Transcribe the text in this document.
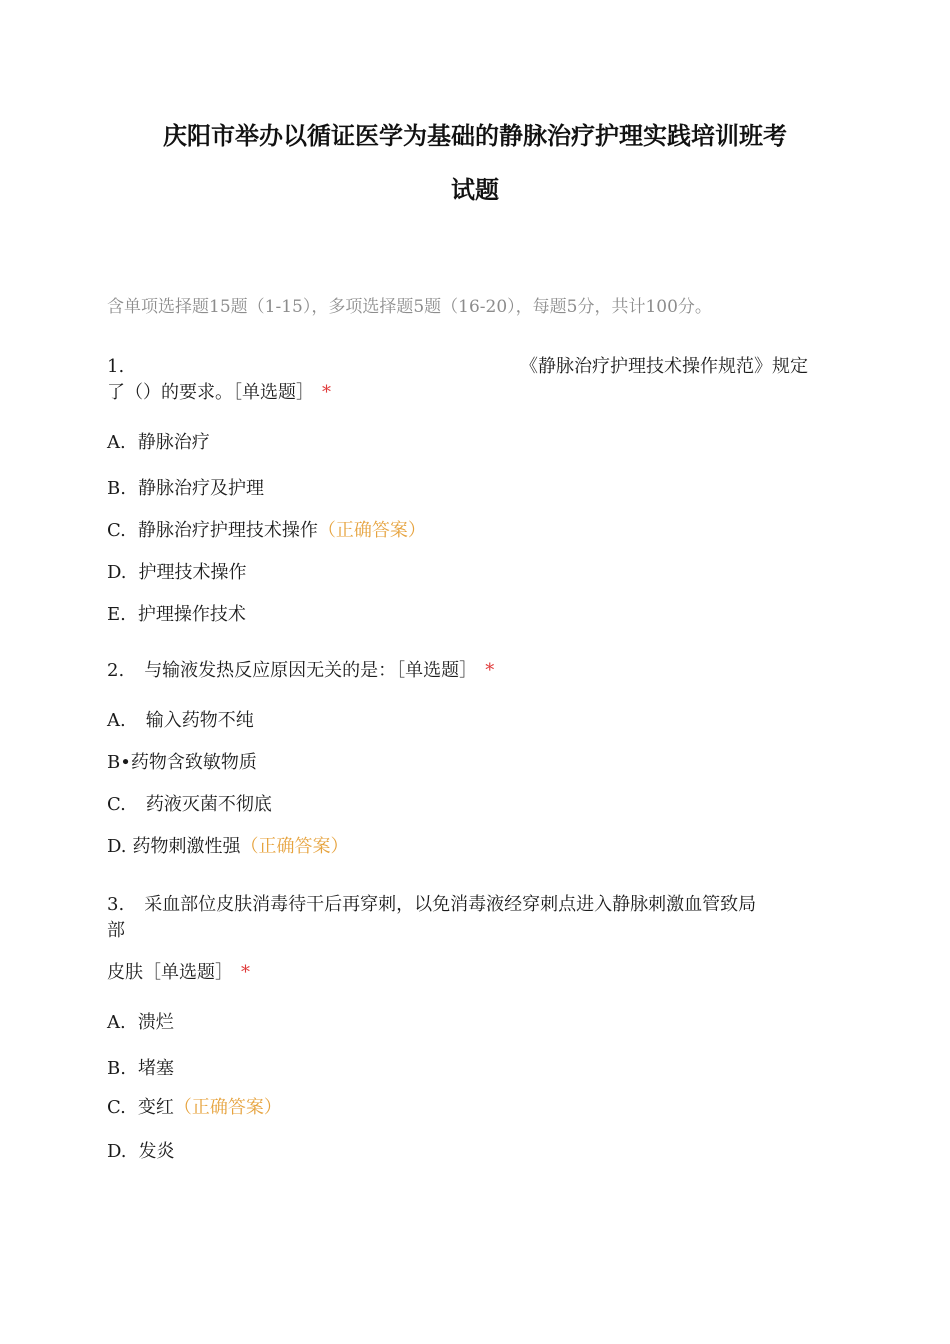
庆阳市举办以循证医学为基础的静脉治疗护理实践培训班考
试题
含单项选择题15题（1-15），多项选择题5题（16-20），每题5分，共计100分。
1.	《静脉治疗护理技术操作规范》规定
了（）的要求。［单选题］ *
A. 静脉治疗
B. 静脉治疗及护理
C. 静脉治疗护理技术操作（正确答案）
D. 护理技术操作
E. 护理操作技术
2. 与输液发热反应原因无关的是：［单选题］ *
A. 输入药物不纯
B•药物含致敏物质
C. 药液灭菌不彻底
D. 药物刺激性强（正确答案）
3. 采血部位皮肤消毒待干后再穿刺，以免消毒液经穿刺点进入静脉刺激血管致局
部
皮肤［单选题］ *
A. 溃烂
B. 堵塞
C. 变红（正确答案）
D. 发炎
